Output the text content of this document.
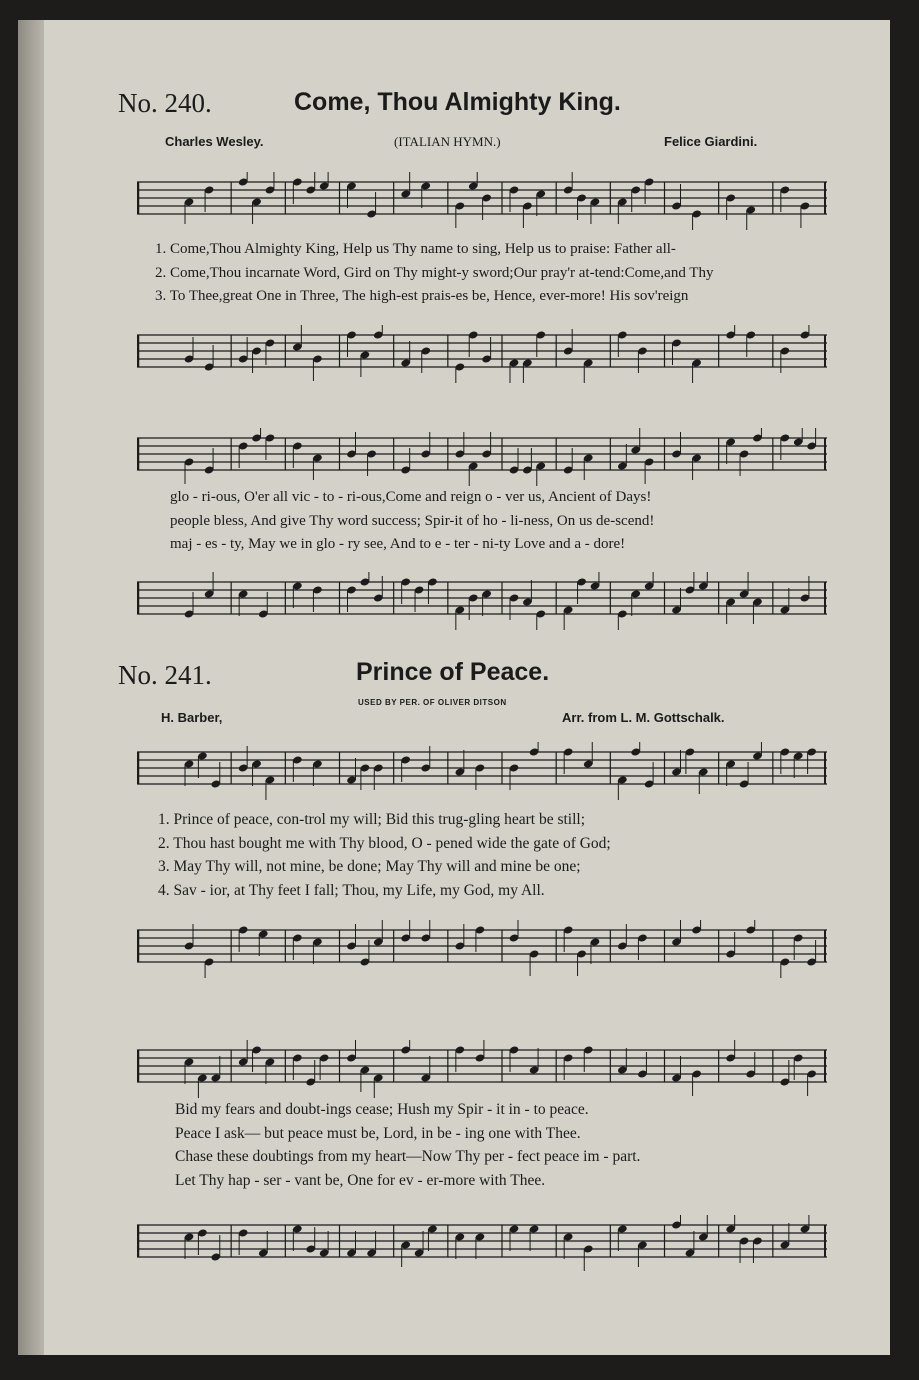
No. 240.	Come, Thou Almighty King.
Charles Wesley.	(ITALIAN HYMN.)	Felice Giardini.
1. Come,Thou Almighty King, Help us Thy name to sing, Help us to praise: Father all-
2. Come,Thou incarnate Word, Gird on Thy might-y sword;Our pray'r at-tend:Come,and Thy
3. To Thee,great One in Three, The high-est prais-es be, Hence, ever-more! His sov'reign
glo - ri-ous, O'er all vic - to - ri-ous,Come and reign o - ver us, Ancient of Days!
people bless, And give Thy word success; Spir-it of ho - li-ness, On us de-scend!
maj - es - ty, May we in glo - ry see, And to e - ter - ni-ty Love and a - dore!
No. 241.	Prince of Peace.
USED BY PER. OF OLIVER DITSON
H. Barber,	Arr. from L. M. Gottschalk.
1. Prince of peace, con-trol my will; Bid this trug-gling heart be still;
2. Thou hast bought me with Thy blood, O - pened wide the gate of God;
3. May Thy will, not mine, be done; May Thy will and mine be one;
4. Sav - ior, at Thy feet I fall; Thou, my Life, my God, my All.
Bid my fears and doubt-ings cease; Hush my Spir - it in - to peace.
Peace I ask— but peace must be, Lord, in be - ing one with Thee.
Chase these doubtings from my heart—Now Thy per - fect peace im - part.
Let Thy hap - ser - vant be, One for ev - er-more with Thee.
